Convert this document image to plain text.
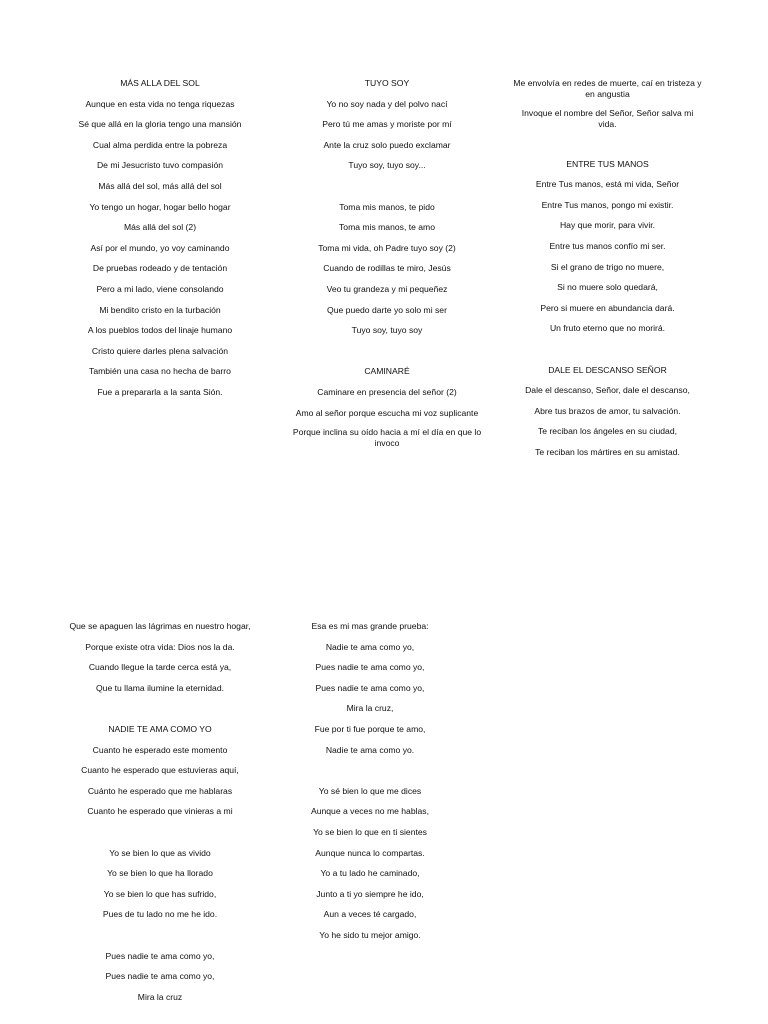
MÁS ALLA DEL SOL
Aunque en esta vida no tenga riquezas
Sé que allá en la gloria tengo una mansión
Cual alma perdida entre la pobreza
De mi Jesucristo tuvo compasión
Más allá del sol, más allá del sol
Yo tengo un hogar, hogar bello hogar
Más allá del sol (2)
Así por el mundo, yo voy caminando
De pruebas rodeado y de tentación
Pero a mi lado, viene consolando
Mi bendito cristo en la turbación
A los pueblos todos del linaje humano
Cristo quiere darles plena salvación
También una casa no hecha de barro
Fue a prepararla a la santa Sión.
TUYO SOY
Yo no soy nada y del polvo nací
Pero tú me amas y moriste por mí
Ante la cruz solo puedo exclamar
Tuyo soy, tuyo soy...
Toma mis manos, te pido
Toma mis manos, te amo
Toma mi vida, oh Padre tuyo soy (2)
Cuando de rodillas te miro, Jesús
Veo tu grandeza y mi pequeñez
Que puedo darte yo solo mi ser
Tuyo soy, tuyo soy
CAMINARÉ
Caminare en presencia del señor (2)
Amo al señor porque escucha mi voz suplicante
Porque inclina su oído hacia a mí el día en que lo invoco
Me envolvía en redes de muerte, caí en tristeza y en angustia
Invoque el nombre del Señor, Señor salva mi vida.
ENTRE TUS MANOS
Entre Tus manos, está mi vida, Señor
Entre Tus manos, pongo mi existir.
Hay que morir, para vivir.
Entre tus manos confío mi ser.
Si el grano de trigo no muere,
Si no muere solo quedará,
Pero si muere en abundancia dará.
Un fruto eterno que no morirá.
DALE EL DESCANSO SEÑOR
Dale el descanso, Señor, dale el descanso,
Abre tus brazos de amor, tu salvación.
Te reciban los ángeles en su ciudad,
Te reciban los mártires en su amistad.
Que se apaguen las lágrimas en nuestro hogar,
Porque existe otra vida: Dios nos la da.
Cuando llegue la tarde cerca está ya,
Que tu llama ilumine la eternidad.
NADIE TE AMA COMO YO
Cuanto he esperado este momento
Cuanto he esperado que estuvieras aquí,
Cuánto he esperado que me hablaras
Cuanto he esperado que vinieras a mi
Yo se bien lo que as vivido
Yo se bien lo que ha llorado
Yo se bien lo que has sufrido,
Pues de tu lado no me he ido.
Pues nadie te ama como yo,
Pues nadie te ama como yo,
Mira la cruz
Esa es mi mas grande prueba:
Nadie te ama como yo,
Pues nadie te ama como yo,
Pues nadie te ama como yo,
Mira la cruz,
Fue por ti fue porque te amo,
Nadie te ama como yo.
Yo sé bien lo que me dices
Aunque a veces no me hablas,
Yo se bien lo que en ti sientes
Aunque nunca lo compartas.
Yo a tu lado he caminado,
Junto a ti yo siempre he ido,
Aun a veces té cargado,
Yo he sido tu mejor amigo.
